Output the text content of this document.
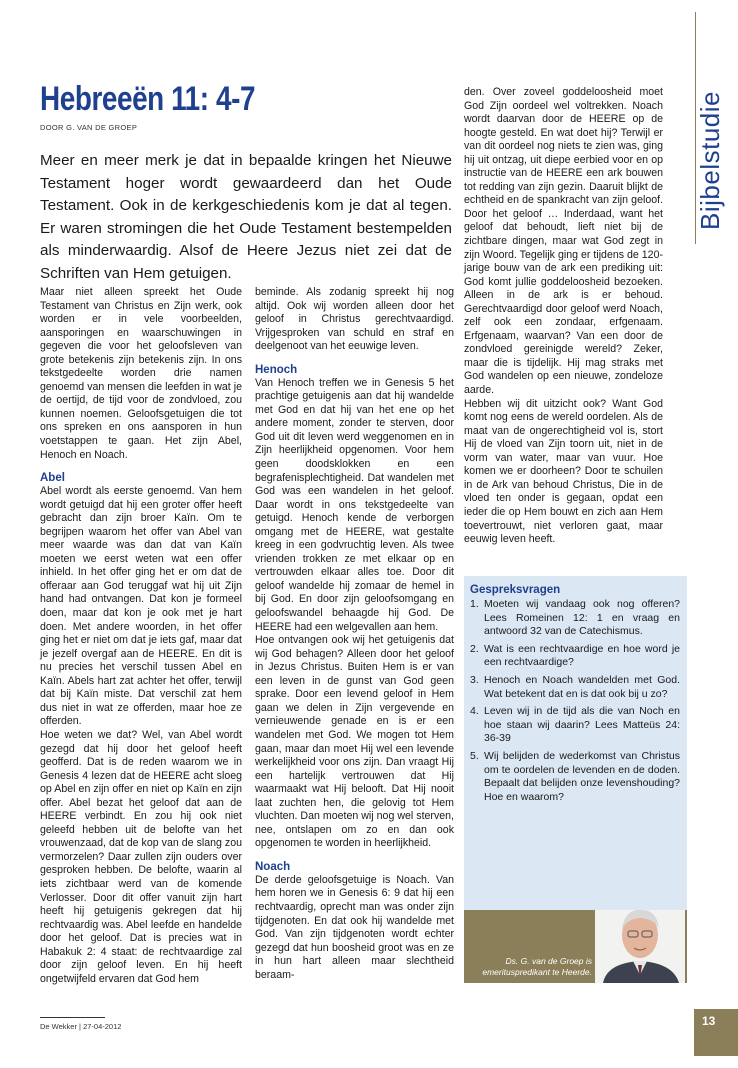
Bijbelstudie
Hebreeën 11: 4-7
DOOR G. VAN DE GROEP
Meer en meer merk je dat in bepaalde kringen het Nieuwe Testament hoger wordt gewaardeerd dan het Oude Testament. Ook in de kerkgeschiedenis kom je dat al tegen. Er waren stromingen die het Oude Testament bestempelden als minderwaardig. Alsof de Heere Jezus niet zei dat de Schriften van Hem getuigen.

Maar niet alleen spreekt het Oude Testament van Christus en Zijn werk, ook worden er in vele voorbeelden, aansporingen en waarschuwingen in gegeven die voor het geloofsleven van grote betekenis zijn betekenis zijn. In ons tekstgedeelte worden drie namen genoemd van mensen die leefden in wat je de oertijd, de tijd voor de zondvloed, zou kunnen noemen. Geloofsgetuigen die tot ons spreken en ons aansporen in hun voetstappen te gaan. Het zijn Abel, Henoch en Noach.

Abel

Abel wordt als eerste genoemd. Van hem wordt getuigd dat hij een groter offer heeft gebracht dan zijn broer Kaïn. Om te begrijpen waarom het offer van Abel van meer waarde was dan dat van Kaïn moeten we eerst weten wat een offer inhield. In het offer ging het er om dat de offeraar aan God teruggaf wat hij uit Zijn hand had ontvangen. Dat kon je formeel doen, maar dat kon je ook met je hart doen. Met andere woorden, in het offer ging het er niet om dat je iets gaf, maar dat je jezelf overgaf aan de HEERE. En dit is nu precies het verschil tussen Abel en Kaïn. Abels hart zat achter het offer, terwijl dat bij Kaïn miste. Dat verschil zat hem dus niet in wat ze offerden, maar hoe ze offerden.

Hoe weten we dat? Wel, van Abel wordt gezegd dat hij door het geloof heeft geofferd. Dat is de reden waarom we in Genesis 4 lezen dat de HEERE acht sloeg op Abel en zijn offer en niet op Kaïn en zijn offer. Abel bezat het geloof dat aan de HEERE verbindt. En zou hij ook niet geleefd hebben uit de belofte van het vrouwenzaad, dat de kop van de slang zou vermorzelen? Daar zullen zijn ouders over gesproken hebben. De belofte, waarin al iets zichtbaar werd van de komende Verlosser. Door dit offer vanuit zijn hart heeft hij getuigenis gekregen dat hij rechtvaardig was. Abel leefde en handelde door het geloof. Dat is precies wat in Habakuk 2: 4 staat: de rechtvaardige zal door zijn geloof leven. En hij heeft ongetwijfeld ervaren dat God hem

beminde. Als zodanig spreekt hij nog altijd. Ook wij worden alleen door het geloof in Christus gerechtvaardigd. Vrijgesproken van schuld en straf en deelgenoot van het eeuwige leven.

Henoch

Van Henoch treffen we in Genesis 5 het prachtige getuigenis aan dat hij wandelde met God en dat hij van het ene op het andere moment, zonder te sterven, door God uit dit leven werd weggenomen en in Zijn heerlijkheid opgenomen. Voor hem geen doodsklokken en een begrafenisplechtigheid. Dat wandelen met God was een wandelen in het geloof. Daar wordt in ons tekstgedeelte van getuigd. Henoch kende de verborgen omgang met de HEERE, wat gestalte kreeg in een godvruchtig leven. Als twee vrienden trokken ze met elkaar op en vertrouwden elkaar alles toe. Door dit geloof wandelde hij zomaar de hemel in bij God. En door zijn geloofsomgang en geloofswandel behaagde hij God. De HEERE had een welgevallen aan hem.

Hoe ontvangen ook wij het getuigenis dat wij God behagen? Alleen door het geloof in Jezus Christus. Buiten Hem is er van een leven in de gunst van God geen sprake. Door een levend geloof in Hem gaan we delen in Zijn vergevende en vernieuwende genade en is er een wandelen met God. We mogen tot Hem gaan, maar dan moet Hij wel een levende werkelijkheid voor ons zijn. Dan vraagt Hij een hartelijk vertrouwen dat Hij waarmaakt wat Hij belooft. Dat Hij nooit laat zuchten hen, die gelovig tot Hem vluchten. Dan moeten wij nog wel sterven, nee, ontslapen om zo en dan ook opgenomen te worden in heerlijkheid.

Noach

De derde geloofsgetuige is Noach. Van hem horen we in Genesis 6: 9 dat hij een rechtvaardig, oprecht man was onder zijn tijdgenoten. En dat ook hij wandelde met God. Van zijn tijdgenoten wordt echter gezegd dat hun boosheid groot was en ze in hun hart alleen maar slechtheid beraam-

den. Over zoveel goddeloosheid moet God Zijn oordeel wel voltrekken. Noach wordt daarvan door de HEERE op de hoogte gesteld. En wat doet hij? Terwijl er van dit oordeel nog niets te zien was, ging hij uit ontzag, uit diepe eerbied voor en op instructie van de HEERE een ark bouwen tot redding van zijn gezin. Daaruit blijkt de echtheid en de spankracht van zijn geloof. Door het geloof … Inderdaad, want het geloof dat behoudt, lieft niet bij de zichtbare dingen, maar wat God zegt in zijn Woord. Tegelijk ging er tijdens de 120-jarige bouw van de ark een prediking uit: God komt jullie goddeloosheid bezoeken. Alleen in de ark is er behoud. Gerechtvaardigd door geloof werd Noach, zelf ook een zondaar, erfgenaam. Erfgenaam, waarvan? Van een door de zondvloed gereinigde wereld? Zeker, maar die is tijdelijk. Hij mag straks met God wandelen op een nieuwe, zondeloze aarde.

Hebben wij dit uitzicht ook? Want God komt nog eens de wereld oordelen. Als de maat van de ongerechtigheid vol is, stort Hij de vloed van Zijn toorn uit, niet in de vorm van water, maar van vuur. Hoe komen we er doorheen? Door te schuilen in de Ark van behoud Christus, Die in de vloed ten onder is gegaan, opdat een ieder die op Hem bouwt en zich aan Hem toevertrouwt, niet verloren gaat, maar eeuwig leven heeft.

Gespreksvragen
1. Moeten wij vandaag ook nog offeren? Lees Romeinen 12: 1 en vraag en antwoord 32 van de Catechismus.
2. Wat is een rechtvaardige en hoe word je een rechtvaardige?
3. Henoch en Noach wandelden met God. Wat betekent dat en is dat ook bij u zo?
4. Leven wij in de tijd als die van Noch en hoe staan wij daarin? Lees Matteüs 24: 36-39
5. Wij belijden de wederkomst van Christus om te oordelen de levenden en de doden. Bepaalt dat belijden onze levenshouding? Hoe en waarom?
Ds. G. van de Groep is emerituspredikant te Heerde.
De Wekker | 27-04-2012	13
